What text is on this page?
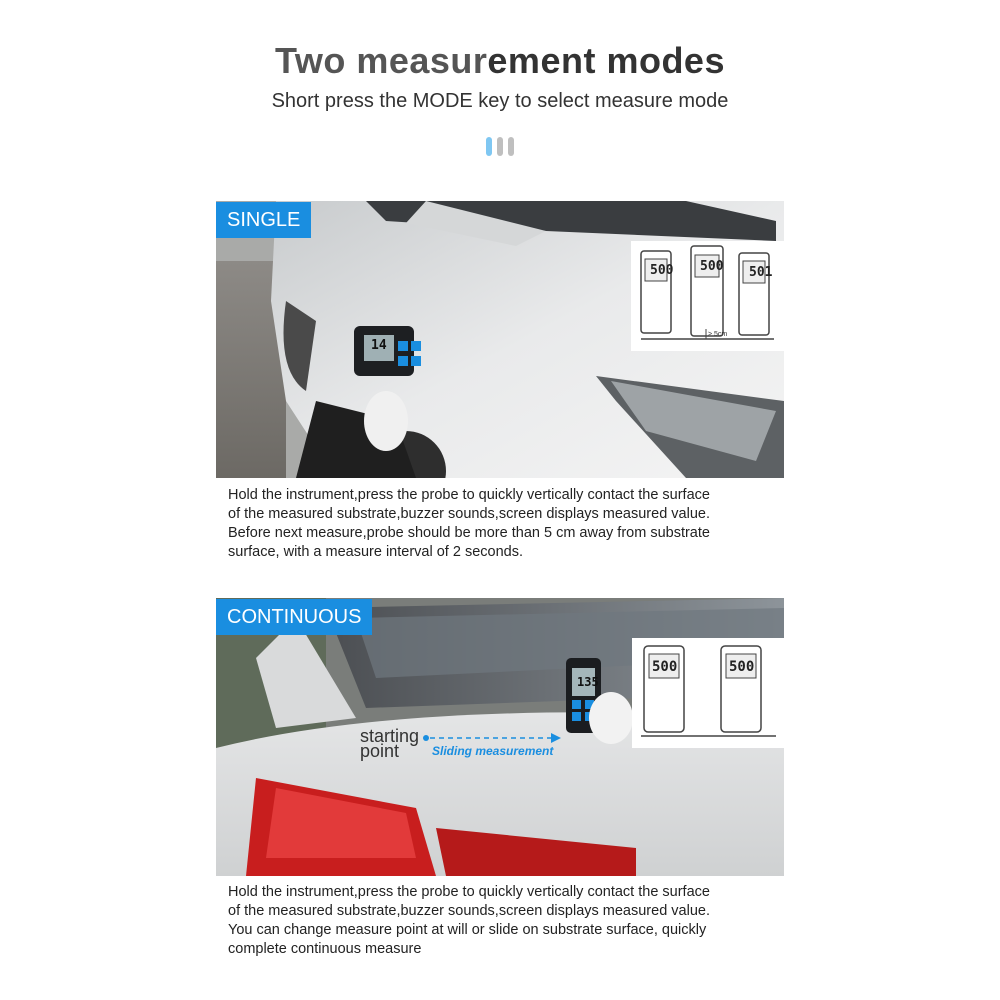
Two measurement modes
Short press the MODE key to select measure mode
SINGLE
500 500 501
14
> 5cm
Hold the instrument,press the probe to quickly vertically contact the surface
of the measured substrate,buzzer sounds,screen displays measured value.
Before next measure,probe should be more than 5 cm away from substrate
surface, with a measure interval of 2 seconds.
CONTINUOUS
500	500
135
starting
point	Sliding measurement
Hold the instrument,press the probe to quickly vertically contact the surface
of the measured substrate,buzzer sounds,screen displays measured value.
You can change measure point at will or slide on substrate surface, quickly
complete continuous measure
